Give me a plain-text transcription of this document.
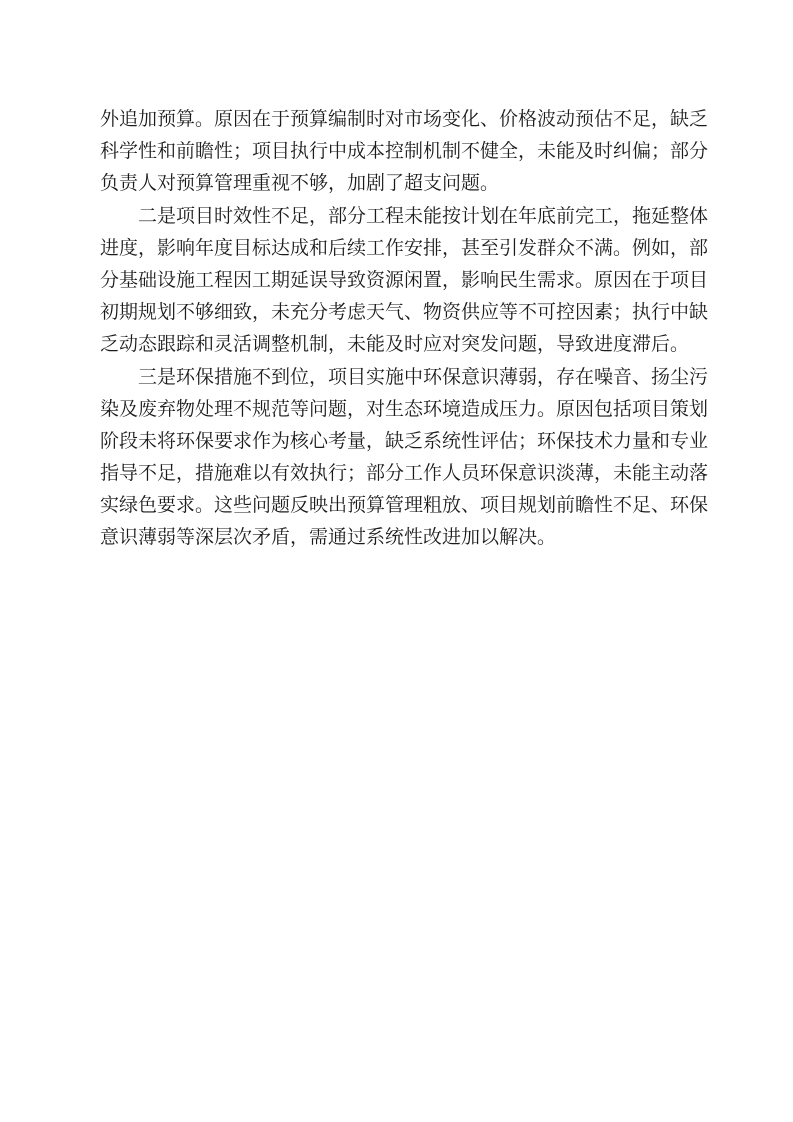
外追加预算。原因在于预算编制时对市场变化、价格波动预估不足，缺乏
科学性和前瞻性；项目执行中成本控制机制不健全，未能及时纠偏；部分
负责人对预算管理重视不够，加剧了超支问题。
二是项目时效性不足，部分工程未能按计划在年底前完工，拖延整体
进度，影响年度目标达成和后续工作安排，甚至引发群众不满。例如，部
分基础设施工程因工期延误导致资源闲置，影响民生需求。原因在于项目
初期规划不够细致，未充分考虑天气、物资供应等不可控因素；执行中缺
乏动态跟踪和灵活调整机制，未能及时应对突发问题，导致进度滞后。
三是环保措施不到位，项目实施中环保意识薄弱，存在噪音、扬尘污
染及废弃物处理不规范等问题，对生态环境造成压力。原因包括项目策划
阶段未将环保要求作为核心考量，缺乏系统性评估；环保技术力量和专业
指导不足，措施难以有效执行；部分工作人员环保意识淡薄，未能主动落
实绿色要求。这些问题反映出预算管理粗放、项目规划前瞻性不足、环保
意识薄弱等深层次矛盾，需通过系统性改进加以解决。
